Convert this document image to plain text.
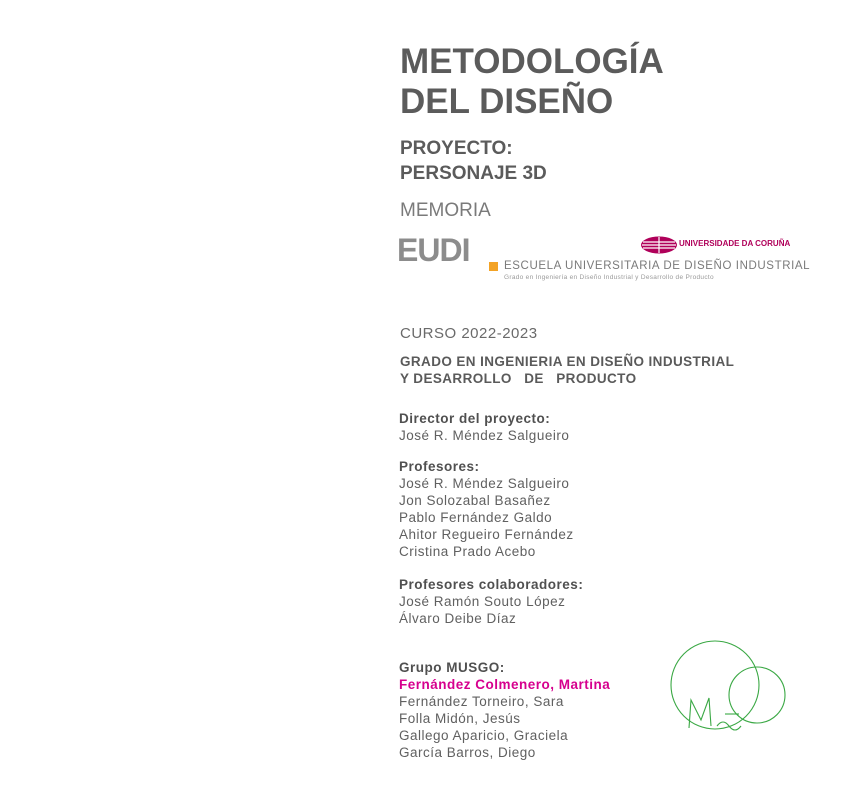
METODOLOGÍA
DEL DISEÑO
PROYECTO:
PERSONAJE 3D
MEMORIA
EUDI	ESCUELA UNIVERSITARIA DE DISEÑO INDUSTRIAL
Grado en Ingeniería en Diseño Industrial y Desarrollo de Producto
UNIVERSIDADE DA CORUÑA
CURSO 2022-2023
GRADO EN INGENIERIA EN DISEÑO INDUSTRIAL
Y DESARROLLO   DE   PRODUCTO
Director del proyecto:
José R. Méndez Salgueiro
Profesores:
José R. Méndez Salgueiro
Jon Solozabal Basañez
Pablo Fernández Galdo
Ahitor Regueiro Fernández
Cristina Prado Acebo
Profesores colaboradores:
José Ramón Souto López
Álvaro Deibe Díaz
Grupo MUSGO:
Fernández Colmenero, Martina
Fernández Torneiro, Sara
Folla Midón, Jesús
Gallego Aparicio, Graciela
García Barros, Diego
